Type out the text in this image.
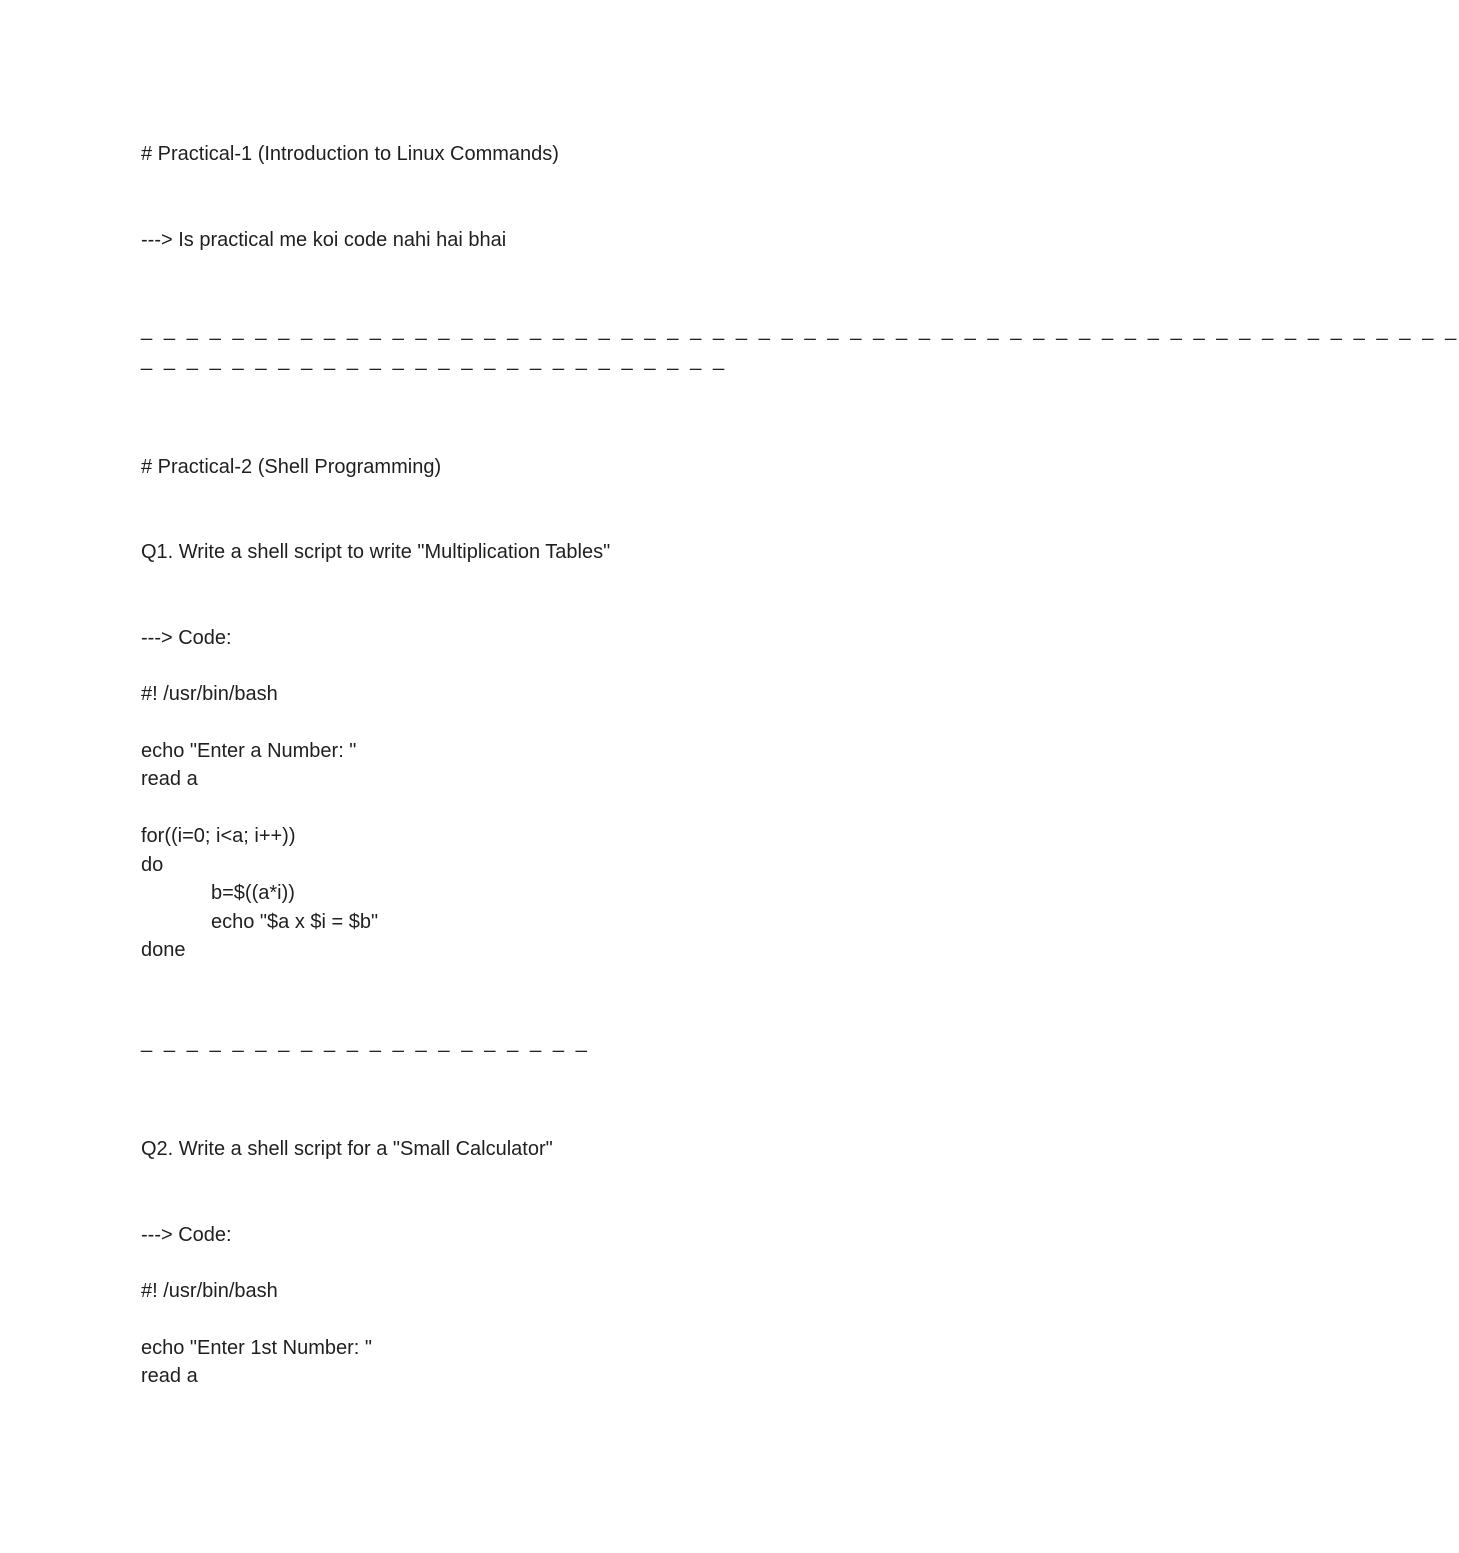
# Practical-1 (Introduction to Linux Commands)

---> Is practical me koi code nahi hai bhai

_ _ _ _ _ _ _ _ _ _ _ _ _ _ _ _ _ _ _ _ _ _ _ _ _ _ _ _ _ _ _ _ _ _ _ _ _ _ _ _ _ _ _ _ _ _ _ _ _ _ _ _ _ _ _ _ _ _

_ _ _ _ _ _ _ _ _ _ _ _ _ _ _ _ _ _ _ _ _ _ _ _ _ _

# Practical-2 (Shell Programming)

Q1. Write a shell script to write "Multiplication Tables"

---> Code:

#! /usr/bin/bash

echo "Enter a Number: "

read a

for((i=0; i<a; i++))

do

b=$((a*i))

echo "$a x $i = $b"

done

_ _ _ _ _ _ _ _ _ _ _ _ _ _ _ _ _ _ _ _

Q2. Write a shell script for a "Small Calculator"

---> Code:

#! /usr/bin/bash

echo "Enter 1st Number: "

read a
